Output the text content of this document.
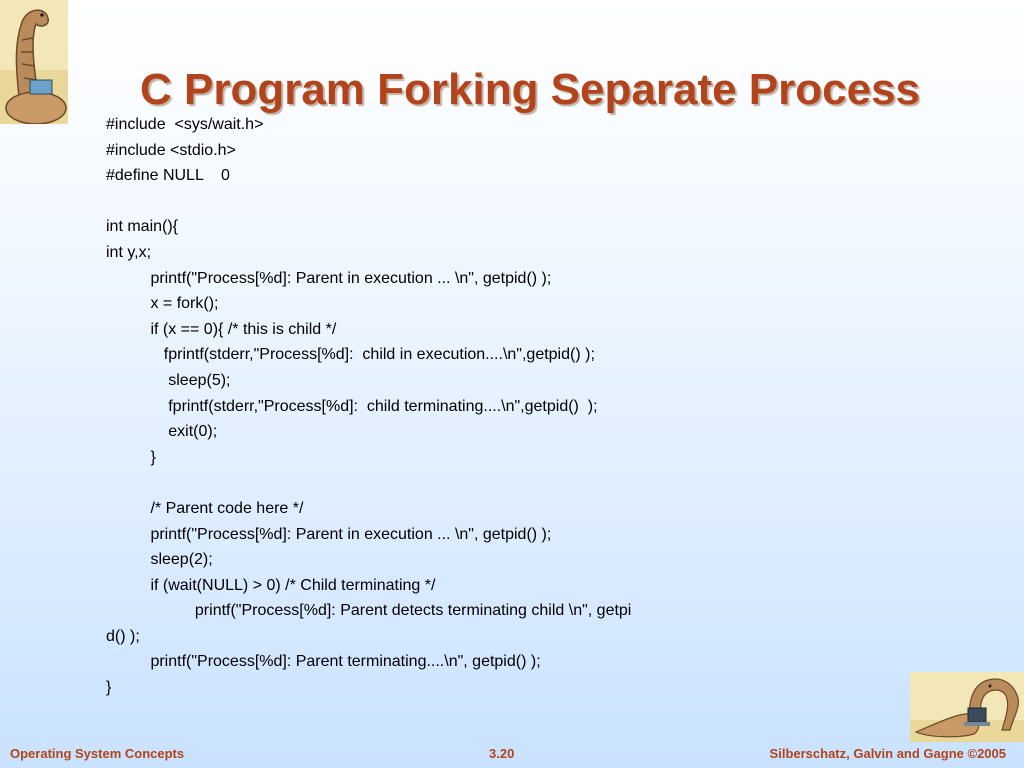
C Program Forking Separate Process
#include  <sys/wait.h>
#include <stdio.h>
#define NULL    0
int main(){
int y,x;
printf("Process[%d]: Parent in execution ... \n", getpid() );
x = fork();
if (x == 0){ /* this is child */
fprintf(stderr,"Process[%d]:  child in execution....\n",getpid() );
sleep(5);
fprintf(stderr,"Process[%d]:  child terminating....\n",getpid()  );
exit(0);
}
/* Parent code here */
printf("Process[%d]: Parent in execution ... \n", getpid() );
sleep(2);
if (wait(NULL) > 0) /* Child terminating */
printf("Process[%d]: Parent detects terminating child \n", getpi
d() );
printf("Process[%d]: Parent terminating....\n", getpid() );
}
Operating System Concepts	3.20	Silberschatz, Galvin and Gagne ©2005
